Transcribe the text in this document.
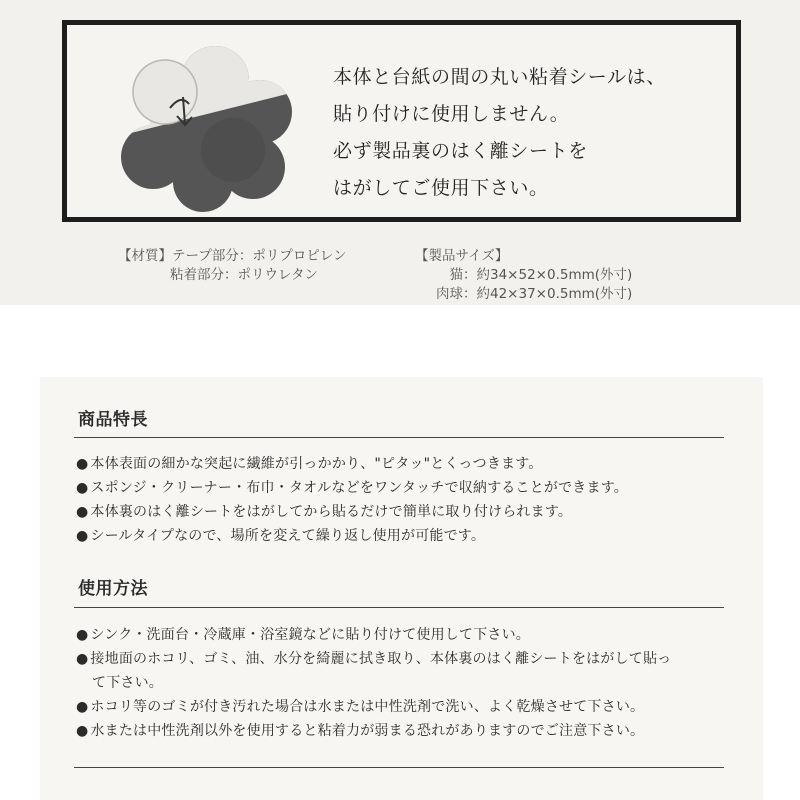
本体と台紙の間の丸い粘着シールは、
貼り付けに使用しません。
必ず製品裏のはく離シートを
はがしてご使用下さい。
【材質】 テープ部分 ： ポリプロピレン
粘着部分 ： ポリウレタン
【製品サイズ】
猫 ： 約34×52×0.5mm(外寸)
肉球 ： 約42×37×0.5mm(外寸)
商品特長
● 本体表面の細かな突起に繊維が引っかかり、"ピタッ"とくっつきます。
● スポンジ・クリーナー・布巾・タオルなどをワンタッチで収納することができます。
● 本体裏のはく離シートをはがしてから貼るだけで簡単に取り付けられます。
● シールタイプなので、場所を変えて繰り返し使用が可能です。
使用方法
● シンク・洗面台・冷蔵庫・浴室鏡などに貼り付けて使用して下さい。
● 接地面のホコリ、ゴミ、油、水分を綺麗に拭き取り、本体裏のはく離シートをはがして貼っ
て下さい。
● ホコリ等のゴミが付き汚れた場合は水または中性洗剤で洗い、よく乾燥させて下さい。
● 水または中性洗剤以外を使用すると粘着力が弱まる恐れがありますのでご注意下さい。
